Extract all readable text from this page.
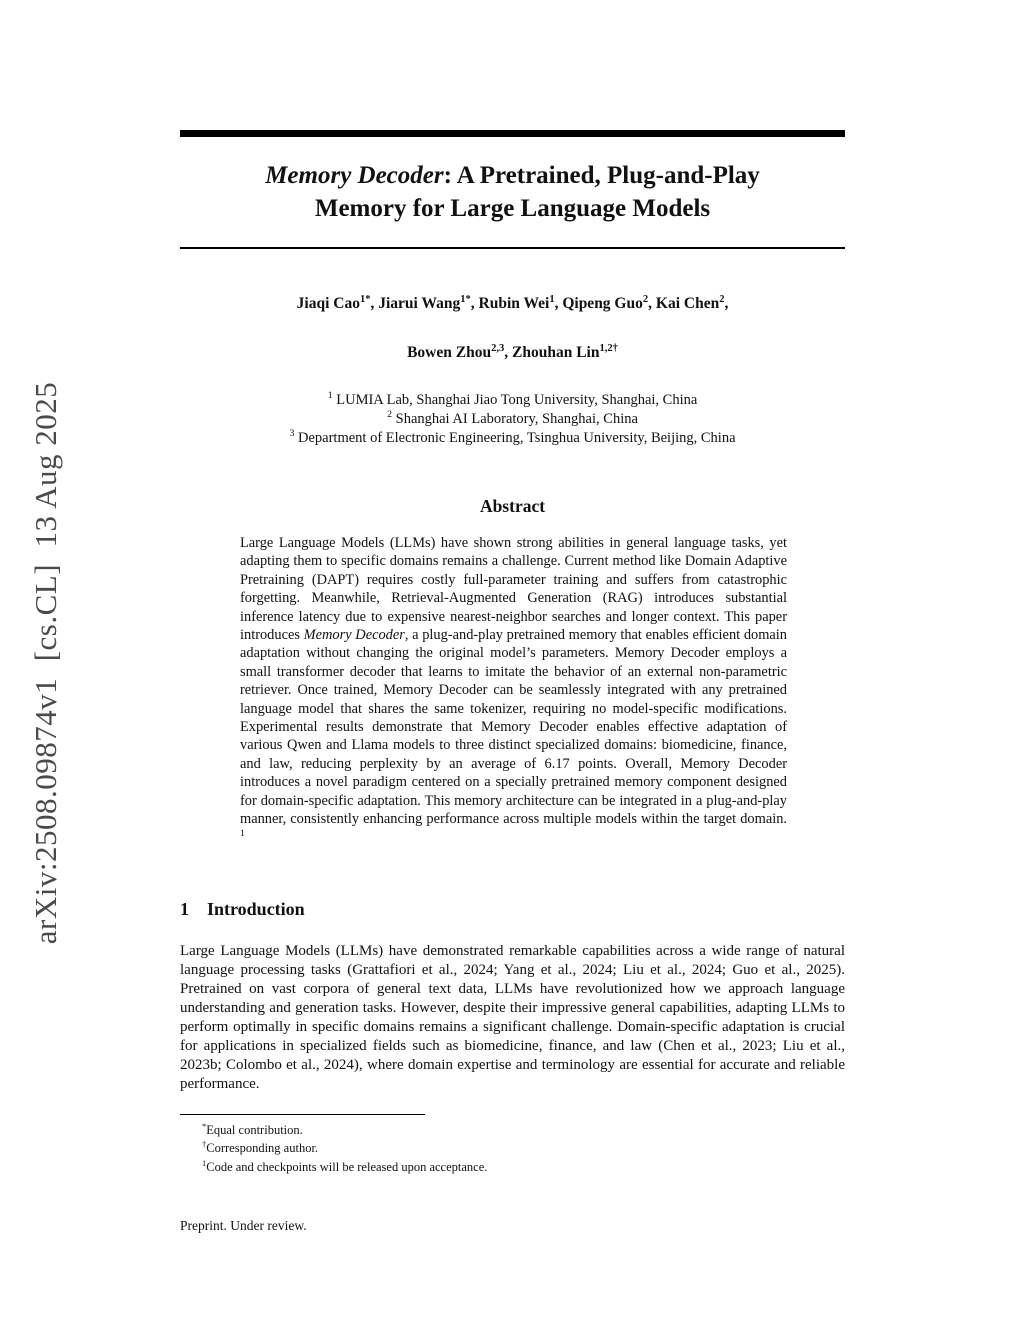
arXiv:2508.09874v1  [cs.CL]  13 Aug 2025
Memory Decoder: A Pretrained, Plug-and-Play
Memory for Large Language Models
Jiaqi Cao$^{1*}$, Jiarui Wang$^{1*}$, Rubin Wei$^1$, Qipeng Guo$^2$, Kai Chen$^2$,
Bowen Zhou$^{2,3}$, Zhouhan Lin$^{1,2\dagger}$
$^1$ LUMIA Lab, Shanghai Jiao Tong University, Shanghai, China
$^2$ Shanghai AI Laboratory, Shanghai, China
$^3$ Department of Electronic Engineering, Tsinghua University, Beijing, China
Abstract
Large Language Models (LLMs) have shown strong abilities in general language tasks, yet adapting them to specific domains remains a challenge. Current method like Domain Adaptive Pretraining (DAPT) requires costly full-parameter training and suffers from catastrophic forgetting. Meanwhile, Retrieval-Augmented Generation (RAG) introduces substantial inference latency due to expensive nearest-neighbor searches and longer context. This paper introduces Memory Decoder, a plug-and-play pretrained memory that enables efficient domain adaptation without changing the original model’s parameters. Memory Decoder employs a small transformer decoder that learns to imitate the behavior of an external non-parametric retriever. Once trained, Memory Decoder can be seamlessly integrated with any pretrained language model that shares the same tokenizer, requiring no model-specific modifications. Experimental results demonstrate that Memory Decoder enables effective adaptation of various Qwen and Llama models to three distinct specialized domains: biomedicine, finance, and law, reducing perplexity by an average of 6.17 points. Overall, Memory Decoder introduces a novel paradigm centered on a specially pretrained memory component designed for domain-specific adaptation. This memory architecture can be integrated in a plug-and-play manner, consistently enhancing performance across multiple models within the target domain. $^1$
1 Introduction
Large Language Models (LLMs) have demonstrated remarkable capabilities across a wide range of natural language processing tasks (Grattafiori et al., 2024; Yang et al., 2024; Liu et al., 2024; Guo et al., 2025). Pretrained on vast corpora of general text data, LLMs have revolutionized how we approach language understanding and generation tasks. However, despite their impressive general capabilities, adapting LLMs to perform optimally in specific domains remains a significant challenge. Domain-specific adaptation is crucial for applications in specialized fields such as biomedicine, finance, and law (Chen et al., 2023; Liu et al., 2023b; Colombo et al., 2024), where domain expertise and terminology are essential for accurate and reliable performance.
*Equal contribution.
†Corresponding author.
$^1$Code and checkpoints will be released upon acceptance.
Preprint. Under review.
